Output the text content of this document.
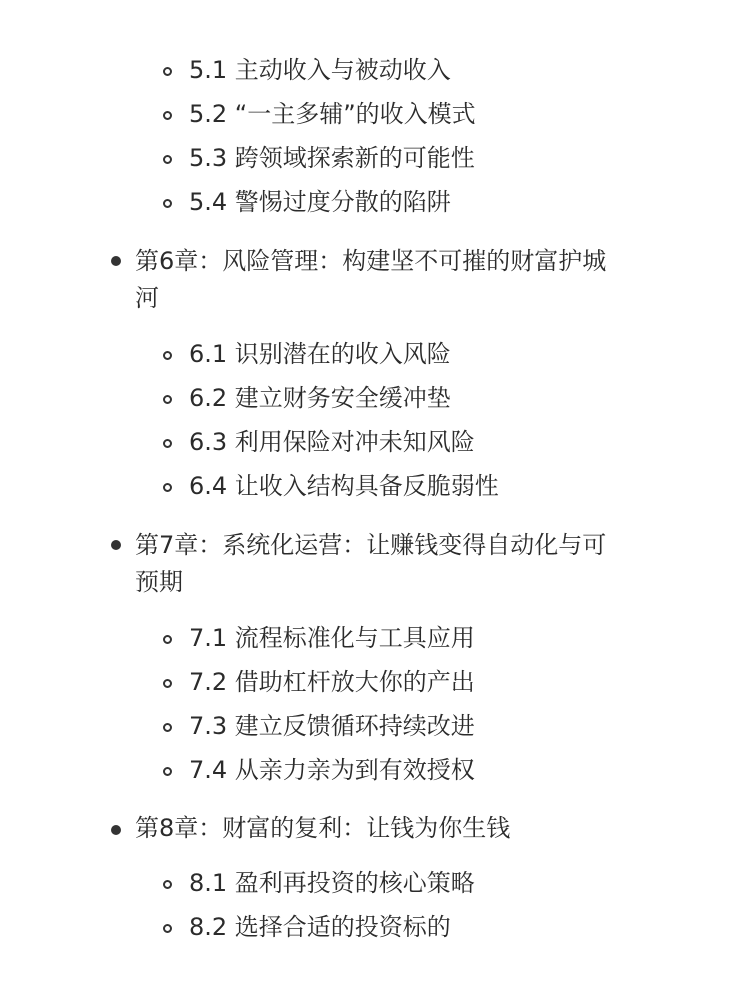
5.1 主动收入与被动收入
5.2 “一主多辅”的收入模式
5.3 跨领域探索新的可能性
5.4 警惕过度分散的陷阱
第6章：风险管理：构建坚不可摧的财富护城
河
6.1 识别潜在的收入风险
6.2 建立财务安全缓冲垫
6.3 利用保险对冲未知风险
6.4 让收入结构具备反脆弱性
第7章：系统化运营：让赚钱变得自动化与可
预期
7.1 流程标准化与工具应用
7.2 借助杠杆放大你的产出
7.3 建立反馈循环持续改进
7.4 从亲力亲为到有效授权
第8章：财富的复利：让钱为你生钱
8.1 盈利再投资的核心策略
8.2 选择合适的投资标的
